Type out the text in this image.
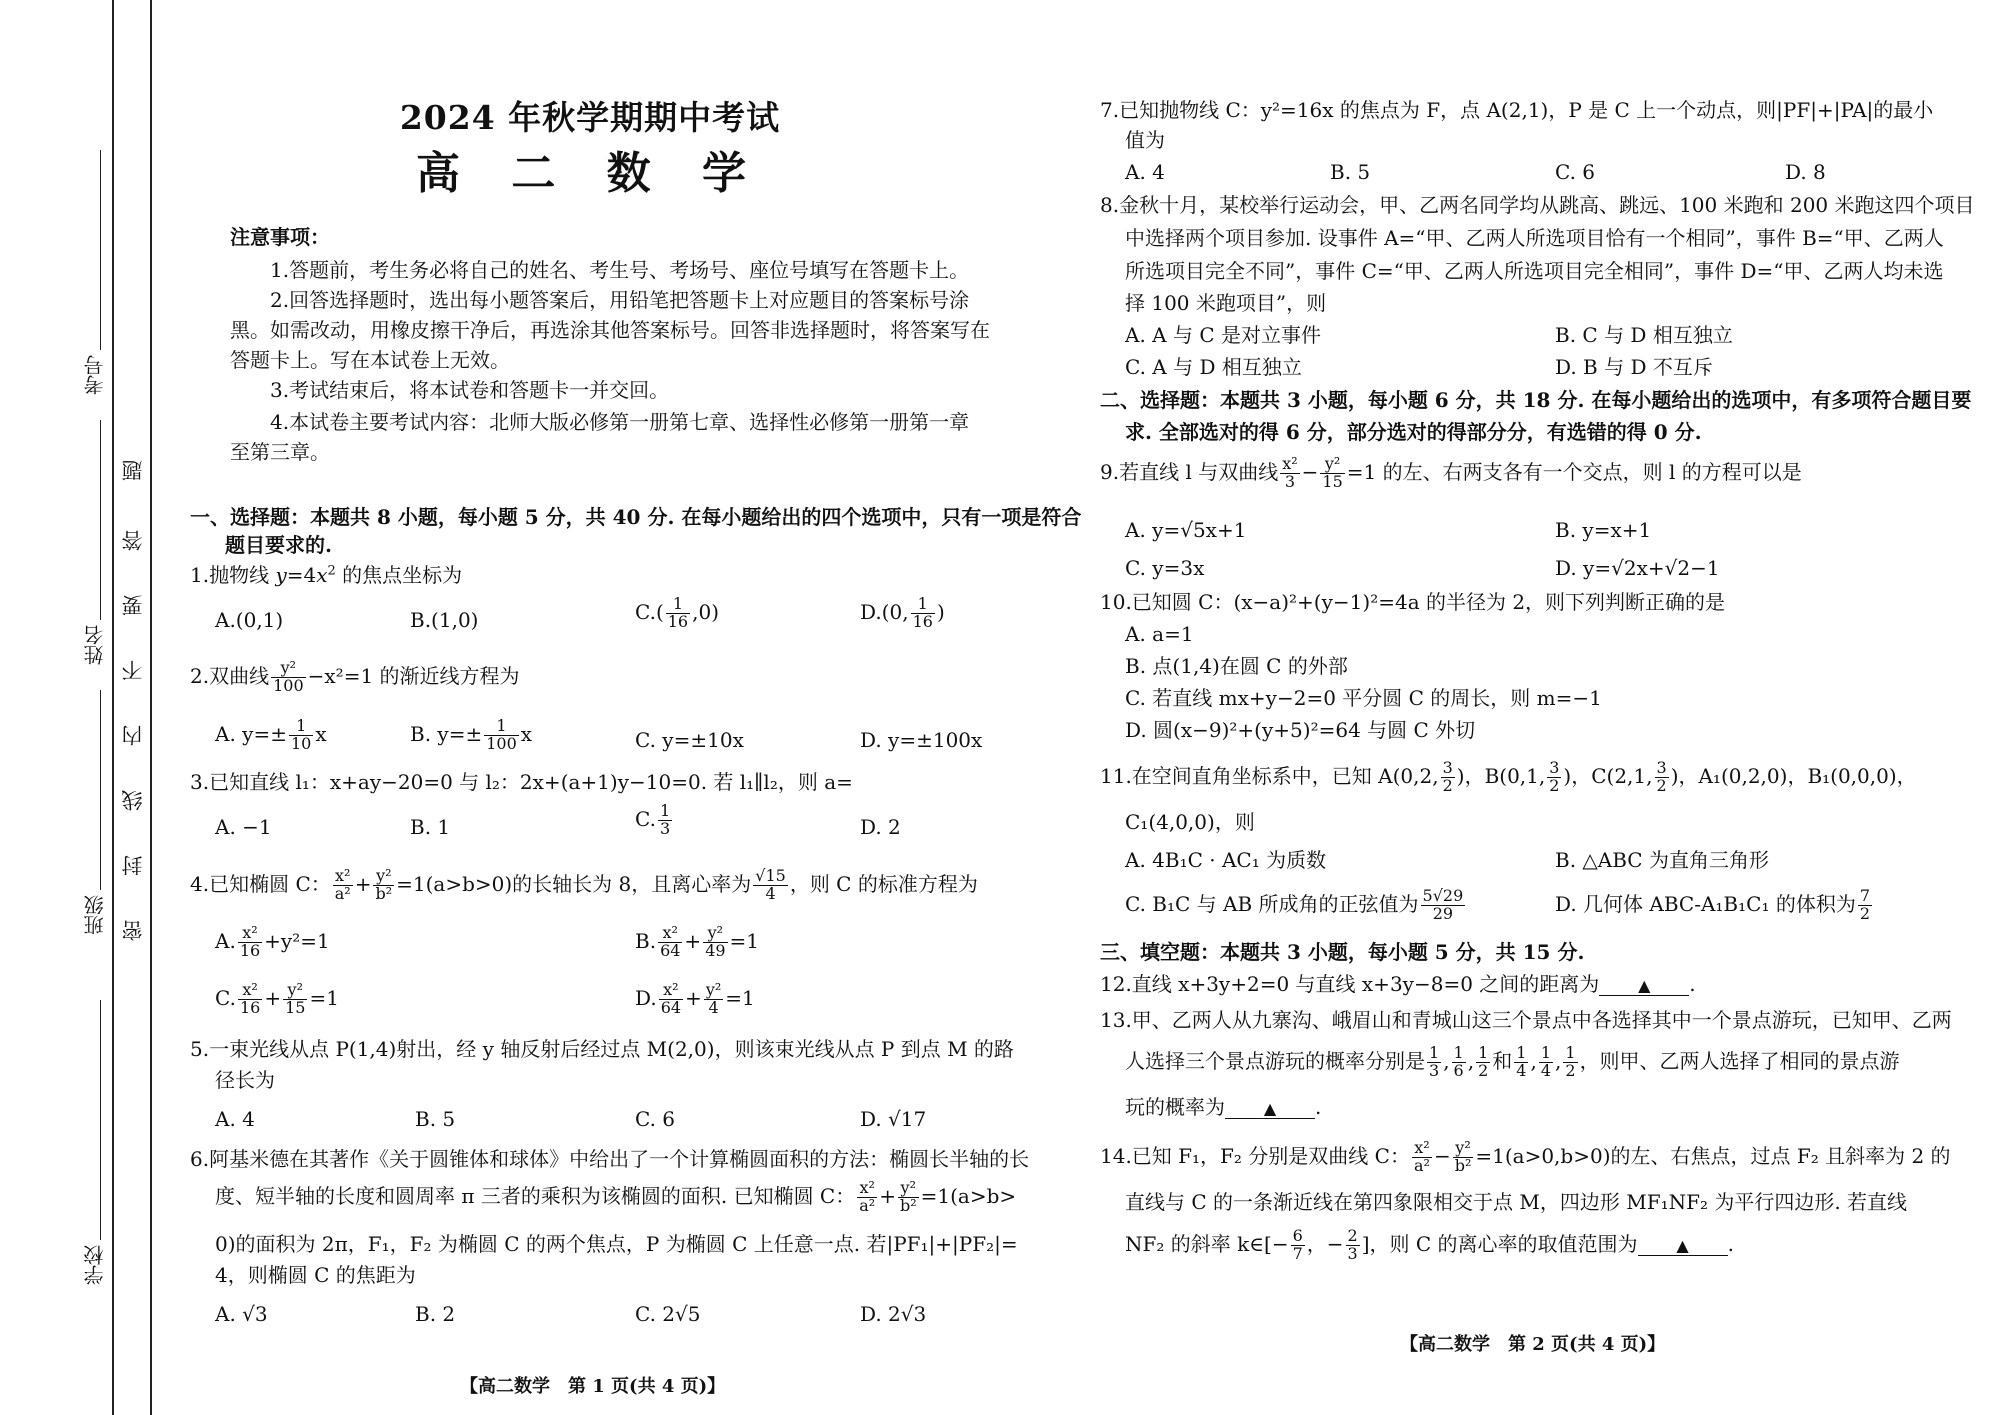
考号
姓名
班级
学校
题
答
要
不
内
线
封
密
2024 年秋学期期中考试
高 二 数 学
注意事项：
1.答题前，考生务必将自己的姓名、考生号、考场号、座位号填写在答题卡上。
2.回答选择题时，选出每小题答案后，用铅笔把答题卡上对应题目的答案标号涂
黑。如需改动，用橡皮擦干净后，再选涂其他答案标号。回答非选择题时，将答案写在
答题卡上。写在本试卷上无效。
3.考试结束后，将本试卷和答题卡一并交回。
4.本试卷主要考试内容：北师大版必修第一册第七章、选择性必修第一册第一章
至第三章。
一、选择题：本题共 8 小题，每小题 5 分，共 40 分. 在每小题给出的四个选项中，只有一项是符合
题目要求的.
1.抛物线 $y=4x^2$ 的焦点坐标为
A.(0,1)	B.(1,0)	$C.( \frac{1}{16} ,0)$	D.(0, $\frac{1}{16}$ )
2.双曲线 $\frac{\text{y²}}{100} -x^2=1$ 的渐近线方程为
A. $y=\pm \frac{1}{10}$ x	B. $y=\pm \frac{1}{100}$ x	C. y=±10x	D. y=±100x
3.已知直线 l₁：x+ay−20=0 与 l₂：2x+(a+1)y−10=0. 若 l₁∥l₂，则 a=
A. −1	B. 1	C. $\frac{1}{3}$	D. 2
4.已知椭圆 C： $\frac{\text{x²}}{\text{a²}} + \frac{\text{y²}}{\text{b²}} =1(a>b>0)$的长轴长为 8，且离心率为 $\frac{√15}{4}$ ，则 C 的标准方程为
A. $\frac{\text{x²}}{16} +y^2=1$	B. $\frac{\text{x²}}{64} + \frac{\text{y²}}{49} =1$
C. $\frac{\text{x²}}{16} + \frac{\text{y²}}{15} =1$	D. $\frac{\text{x²}}{64} + \frac{\text{y²}}{4} =1$
5.一束光线从点 P(1,4)射出，经 y 轴反射后经过点 M(2,0)，则该束光线从点 P 到点 M 的路
径长为
A. 4	B. 5	C. 6	D. √17
6.阿基米德在其著作《关于圆锥体和球体》中给出了一个计算椭圆面积的方法：椭圆长半轴的长
度、短半轴的长度和圆周率 π 三者的乘积为该椭圆的面积. 已知椭圆 C： $\frac{\text{x²}}{\text{a²}} + \frac{\text{y²}}{\text{b²}} =1(a>b>$
0)的面积为 2π，F₁，F₂ 为椭圆 C 的两个焦点，P 为椭圆 C 上任意一点. 若|PF₁|+|PF₂|=
4，则椭圆 C 的焦距为
A. √3	B. 2	C. 2√5	D. 2√3
【高二数学　第 1 页(共 4 页)】
7.已知抛物线 C：y²=16x 的焦点为 F，点 A(2,1)，P 是 C 上一个动点，则|PF|+|PA|的最小
值为
A. 4	B. 5	C. 6	D. 8
8.金秋十月，某校举行运动会，甲、乙两名同学均从跳高、跳远、100 米跑和 200 米跑这四个项目
中选择两个项目参加. 设事件 A=“甲、乙两人所选项目恰有一个相同”，事件 B=“甲、乙两人
所选项目完全不同”，事件 C=“甲、乙两人所选项目完全相同”，事件 D=“甲、乙两人均未选
择 100 米跑项目”，则
A. A 与 C 是对立事件	B. C 与 D 相互独立
C. A 与 D 相互独立	D. B 与 D 不互斥
二、选择题：本题共 3 小题，每小题 6 分，共 18 分. 在每小题给出的选项中，有多项符合题目要
求. 全部选对的得 6 分，部分选对的得部分分，有选错的得 0 分.
9.若直线 l 与双曲线 $\frac{\text{x²}}{3} - \frac{\text{y²}}{15} =1$ 的左、右两支各有一个交点，则 l 的方程可以是
A. y=√5x+1	B. y=x+1
C. y=3x	D. y=√2x+√2−1
10.已知圆 C：(x−a)²+(y−1)²=4a 的半径为 2，则下列判断正确的是
A. a=1
B. 点(1,4)在圆 C 的外部
C. 若直线 mx+y−2=0 平分圆 C 的周长，则 m=−1
D. 圆(x−9)²+(y+5)²=64 与圆 C 外切
11.在空间直角坐标系中，已知 A(0,2, $\frac{3}{2}$ )，B(0,1, $\frac{3}{2}$ )，C(2,1, $\frac{3}{2}$ )，A₁(0,2,0)，B₁(0,0,0)，
C₁(4,0,0)，则
A. 4B₁C · AC₁ 为质数	B. △ABC 为直角三角形
C. B₁C 与 AB 所成角的正弦值为 $\frac{5√29}{29}$	D. 几何体 ABC-A₁B₁C₁ 的体积为 $\frac{7}{2}$
三、填空题：本题共 3 小题，每小题 5 分，共 15 分.
12.直线 x+3y+2=0 与直线 x+3y−8=0 之间的距离为 ▲ .
13.甲、乙两人从九寨沟、峨眉山和青城山这三个景点中各选择其中一个景点游玩，已知甲、乙两
人选择三个景点游玩的概率分别是 $\frac{1}{3}$ , $\frac{1}{6}$ , $\frac{1}{2}$ 和 $\frac{1}{4}$ , $\frac{1}{4}$ , $\frac{1}{2}$ ，则甲、乙两人选择了相同的景点游
玩的概率为 ▲ .
14.已知 F₁，F₂ 分别是双曲线 C： $\frac{\text{x²}}{\text{a²}} - \frac{\text{y²}}{\text{b²}} =1(a>0,b>0)$的左、右焦点，过点 F₂ 且斜率为 2 的
直线与 C 的一条渐近线在第四象限相交于点 M，四边形 MF₁NF₂ 为平行四边形. 若直线
NF₂ 的斜率 k∈[− $\frac{6}{7}$ ，− $\frac{2}{3}$ ]，则 C 的离心率的取值范围为 ▲ .
【高二数学　第 2 页(共 4 页)】
